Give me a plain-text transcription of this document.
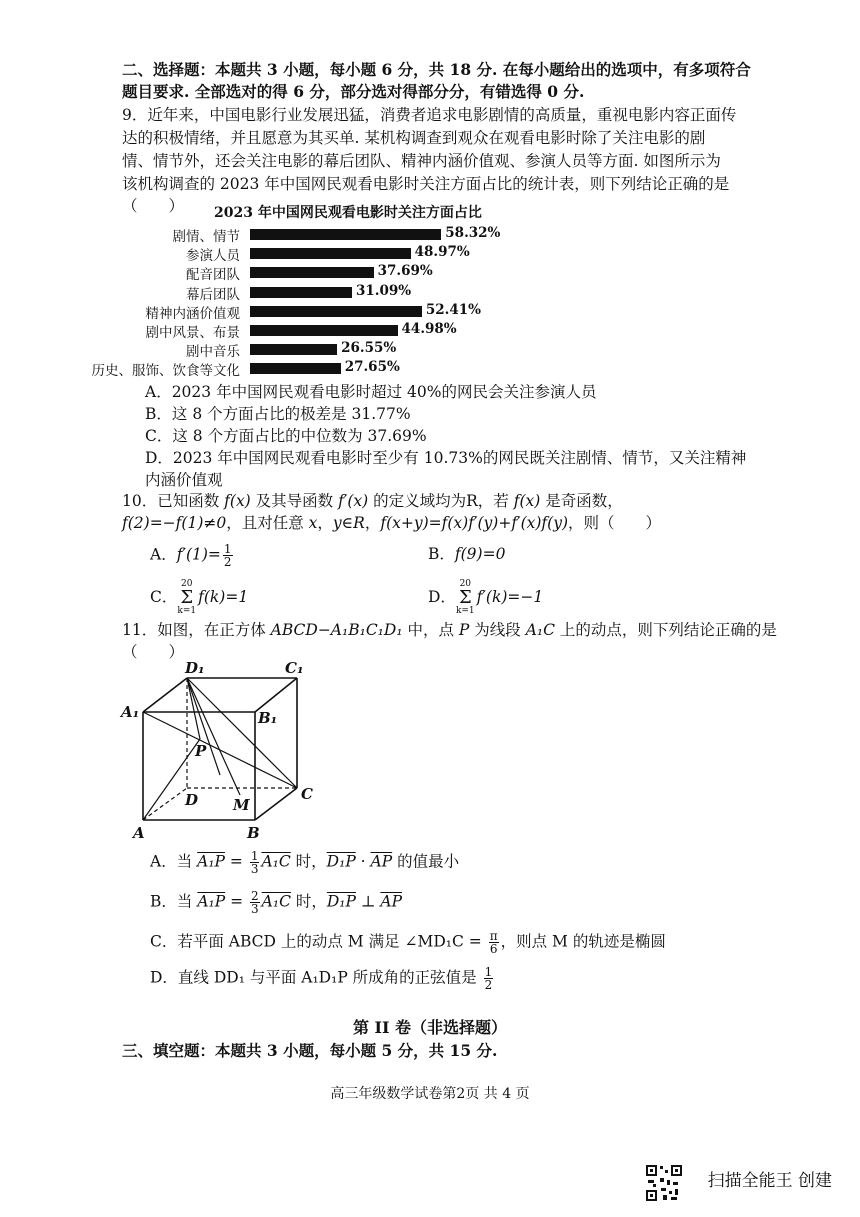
二、选择题：本题共 3 小题，每小题 6 分，共 18 分. 在每小题给出的选项中，有多项符合
题目要求. 全部选对的得 6 分，部分选对得部分分，有错选得 0 分.
9．近年来，中国电影行业发展迅猛，消费者追求电影剧情的高质量，重视电影内容正面传
达的积极情绪，并且愿意为其买单. 某机构调查到观众在观看电影时除了关注电影的剧
情、情节外，还会关注电影的幕后团队、精神内涵价值观、参演人员等方面. 如图所示为
该机构调查的 2023 年中国网民观看电影时关注方面占比的统计表，则下列结论正确的是
（　　） 2023 年中国网民观看电影时关注方面占比
剧情、情节	58.32%
参演人员	48.97%
配音团队	37.69%
幕后团队	31.09%
精神内涵价值观	52.41%
剧中风景、布景	44.98%
剧中音乐	26.55%
历史、服饰、饮食等文化	27.65%
A．2023 年中国网民观看电影时超过 40%的网民会关注参演人员
B．这 8 个方面占比的极差是 31.77%
C．这 8 个方面占比的中位数为 37.69%
D．2023 年中国网民观看电影时至少有 10.73%的网民既关注剧情、情节，又关注精神
内涵价值观
10．已知函数 f(x) 及其导函数 f′(x) 的定义域均为R，若 f(x) 是奇函数，
f(2)=−f(1)≠0，且对任意 x，y∈R，f(x+y)=f(x)f′(y)+f′(x)f(y)，则（　　）
A．$f'(1)= \frac{1}{2}$	B．f(9)=0
C．20
Σ
k=1f(k)=1	D．20
Σ
k=1f′(k)=−1
11．如图，在正方体 ABCD−A₁B₁C₁D₁ 中，点 P 为线段 A₁C 上的动点，则下列结论正确的是
（　　）
D₁	C₁
A₁	B₁
P
D M
C
A	B
A．当 $A_1P = \frac{1}{3} A_1C$ 时，$D_1P \cdot \overline{AP}$ 的值最小
B．当 $A_1P = \frac{2}{3} A_1C$ 时，D₁P ⊥ $\overline{AP}$
C．若平面 ABCD 上的动点 M 满足 ∠MD₁C = $\frac{\pi}{6}$ ，则点 M 的轨迹是椭圆
D．直线 DD₁ 与平面 A₁D₁P 所成角的正弦值是 $\frac{1}{2}$
第 II 卷（非选择题）
三、填空题：本题共 3 小题，每小题 5 分，共 15 分.
高三年级数学试卷第2页 共 4 页
扫描全能王 创建
